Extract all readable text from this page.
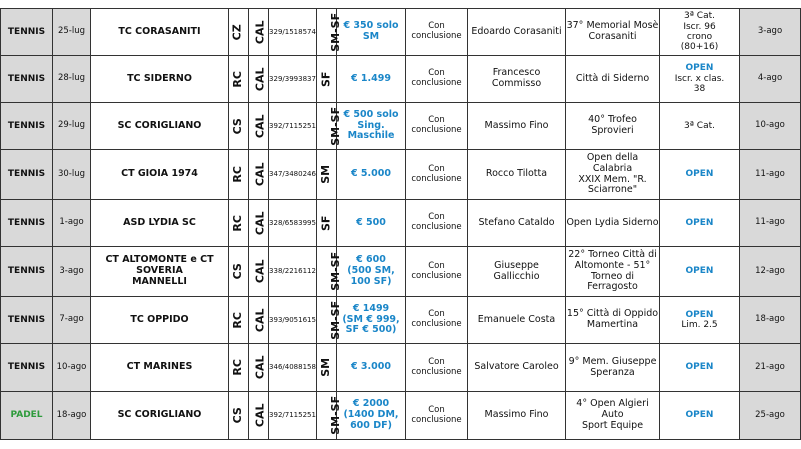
TENNIS	25-lug	TC CORASANITI	CZ	CAL	329/1518574	SM-SF	€ 350 solo
SM	Con
conclusione	Edoardo Corasaniti	37° Memorial Mosè
Corasaniti	3ª Cat.
Iscr. 96
crono
(80+16)	3-ago
TENNIS	28-lug	TC SIDERNO	RC	CAL	329/3993837	SF	€ 1.499	Con
conclusione	Francesco
Commisso	Città di Siderno	OPEN
Iscr. x clas.
38	4-ago
TENNIS	29-lug	SC CORIGLIANO	CS	CAL	392/7115251	SM-SF	€ 500 solo
Sing.
Maschile	Con
conclusione	Massimo Fino	40° Trofeo Sprovieri	3ª Cat.	10-ago
TENNIS	30-lug	CT GIOIA 1974	RC	CAL	347/3480246	SM	€ 5.000	Con
conclusione	Rocco Tilotta	Open della Calabria
XXIX Mem. "R.
Sciarrone"	OPEN	11-ago
TENNIS	1-ago	ASD LYDIA SC	RC	CAL	328/6583995	SF	€ 500	Con
conclusione	Stefano Cataldo	Open Lydia Siderno	OPEN	11-ago
TENNIS	3-ago	CT ALTOMONTE e CT SOVERIA
MANNELLI	CS	CAL	338/2216112	SM-SF	€ 600
(500 SM,
100 SF)	Con
conclusione	Giuseppe
Gallicchio	22° Torneo Città di
Altomonte - 51°
Torneo di Ferragosto	OPEN	12-ago
TENNIS	7-ago	TC OPPIDO	RC	CAL	393/9051615	SM-SF	€ 1499
(SM € 999,
SF € 500)	Con
conclusione	Emanuele Costa	15° Città di Oppido
Mamertina	OPEN
Lim. 2.5	18-ago
TENNIS	10-ago	CT MARINES	RC	CAL	346/4088158	SM	€ 3.000	Con
conclusione	Salvatore Caroleo	9° Mem. Giuseppe
Speranza	OPEN	21-ago
PADEL	18-ago	SC CORIGLIANO	CS	CAL	392/7115251	SM-SF	€ 2000
(1400 DM,
600 DF)	Con
conclusione	Massimo Fino	4° Open Algieri Auto
Sport Equipe	OPEN	25-ago
